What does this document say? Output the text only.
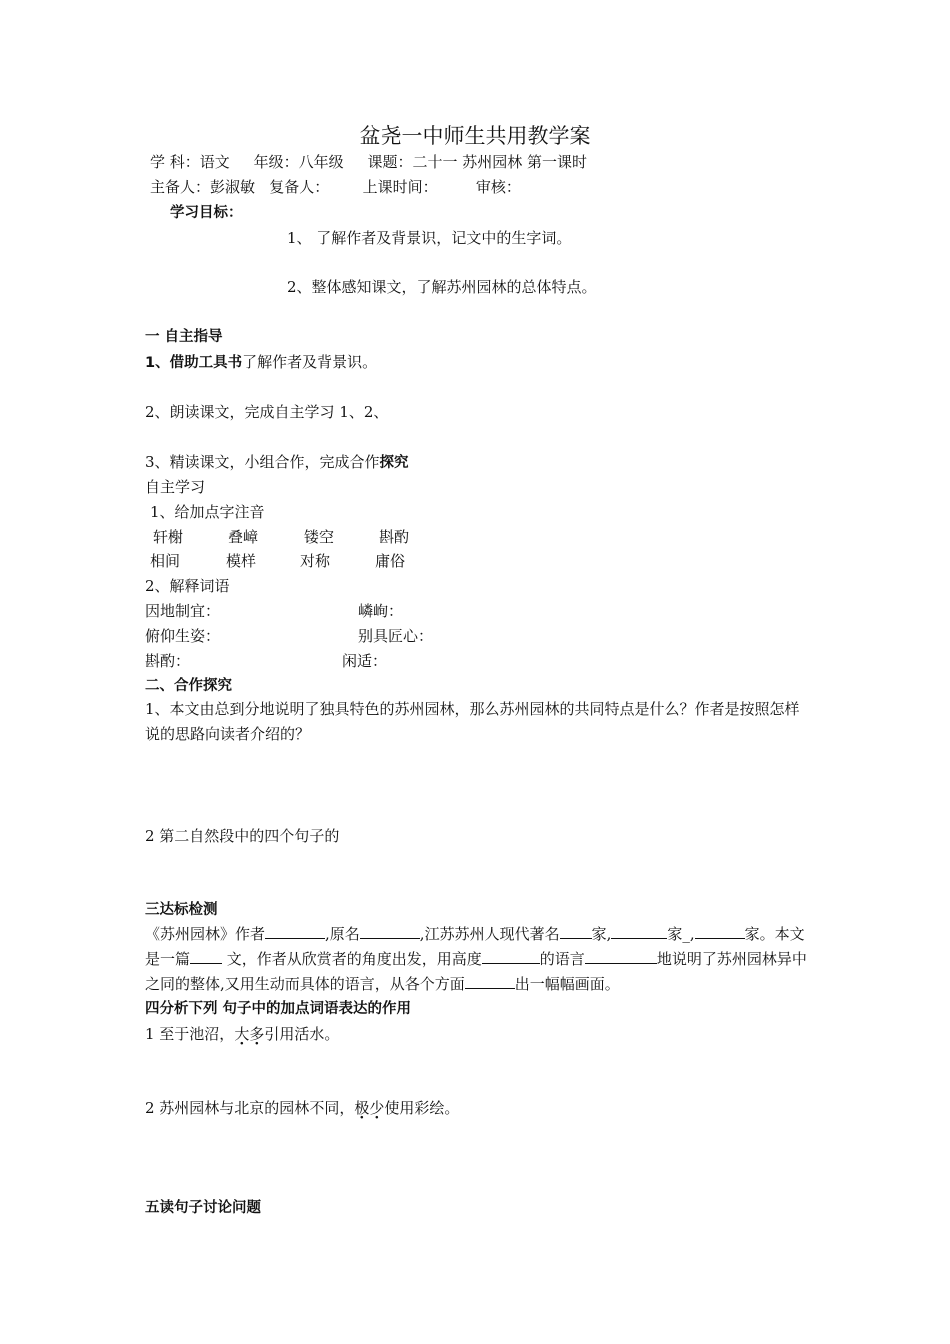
盆尧一中师生共用教学案
学 科：语文     年级：八年级     课题：二十一 苏州园林 第一课时
主备人：彭淑敏   复备人：       上课时间：        审核：
学习目标：
1、 了解作者及背景识，记文中的生字词。
2、整体感知课文，了解苏州园林的总体特点。
一 自主指导
1、借助工具书了解作者及背景识。
2、朗读课文，完成自主学习 1、2、
3、精读课文，小组合作，完成合作探究
自主学习
1、给加点字注音
轩榭	叠嶂	镂空	斟酌
相间	模样	对称	庸俗
2、解释词语
因地制宜：	嶙峋：
俯仰生姿：	别具匠心：
斟酌：	闲适：
二、合作探究
1、本文由总到分地说明了独具特色的苏州园林，那么苏州园林的共同特点是什么？作者是按照怎样说的思路向读者介绍的？
2 第二自然段中的四个句子的
三达标检测
《苏州园林》作者	,原名	,江苏苏州人现代著名 家,	家_,	家。本文是一篇 文，作者从欣赏者的角度出发，用高度	的语言	地说明了苏州园林异中之同的整体,又用生动而具体的语言，从各个方面	出一幅幅画面。
四分析下列 句子中的加点词语表达的作用
1 至于池沼，大多引用活水。
2 苏州园林与北京的园林不同，极少使用彩绘。
五读句子讨论问题
